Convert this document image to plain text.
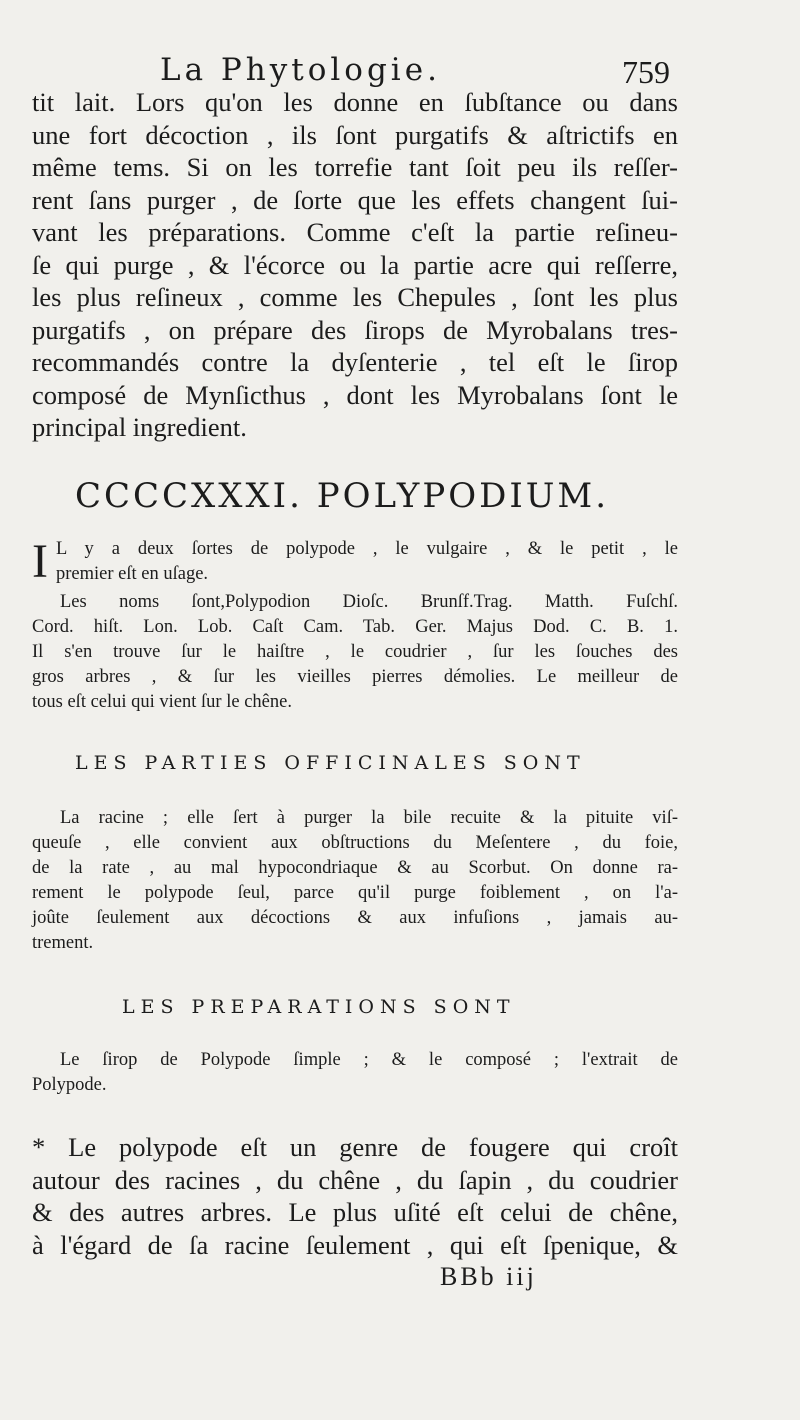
La Phytologie.	759
tit lait. Lors qu'on les donne en ſubſtance ou dans
une fort décoction , ils ſont purgatifs & aſtrictifs en
même tems. Si on les torrefie tant ſoit peu ils reſſer-
rent ſans purger , de ſorte que les effets changent ſui-
vant les préparations. Comme c'eſt la partie reſineu-
ſe qui purge , & l'écorce ou la partie acre qui reſſerre,
les plus reſineux , comme les Chepules , ſont les plus
purgatifs , on prépare des ſirops de Myrobalans tres-
recommandés contre la dyſenterie , tel eſt le ſirop
composé de Mynſicthus , dont les Myrobalans ſont le
principal ingredient.
CCCCXXXI. POLYPODIUM.
I L y a deux ſortes de polypode , le vulgaire , & le petit , le
premier eſt en uſage.
Les noms ſont,Polypodion Dioſc. Brunſf.Trag. Matth. Fuſchſ.
Cord. hiſt. Lon. Lob. Caſt Cam. Tab. Ger. Majus Dod. C. B. 1.
Il s'en trouve ſur le haiſtre , le coudrier , ſur les ſouches des
gros arbres , & ſur les vieilles pierres démolies. Le meilleur de
tous eſt celui qui vient ſur le chêne.
LES PARTIES OFFICINALES SONT
La racine ; elle ſert à purger la bile recuite & la pituite viſ-
queuſe , elle convient aux obſtructions du Meſentere , du foie,
de la rate , au mal hypocondriaque & au Scorbut. On donne ra-
rement le polypode ſeul, parce qu'il purge foiblement , on l'a-
joûte ſeulement aux décoctions & aux infuſions , jamais au-
trement.
LES PREPARATIONS SONT
Le ſirop de Polypode ſimple ; & le composé ; l'extrait de
Polypode.
* Le polypode eſt un genre de fougere qui croît
autour des racines , du chêne , du ſapin , du coudrier
& des autres arbres. Le plus uſité eſt celui de chêne,
à l'égard de ſa racine ſeulement , qui eſt ſpenique, &
BBb iij
